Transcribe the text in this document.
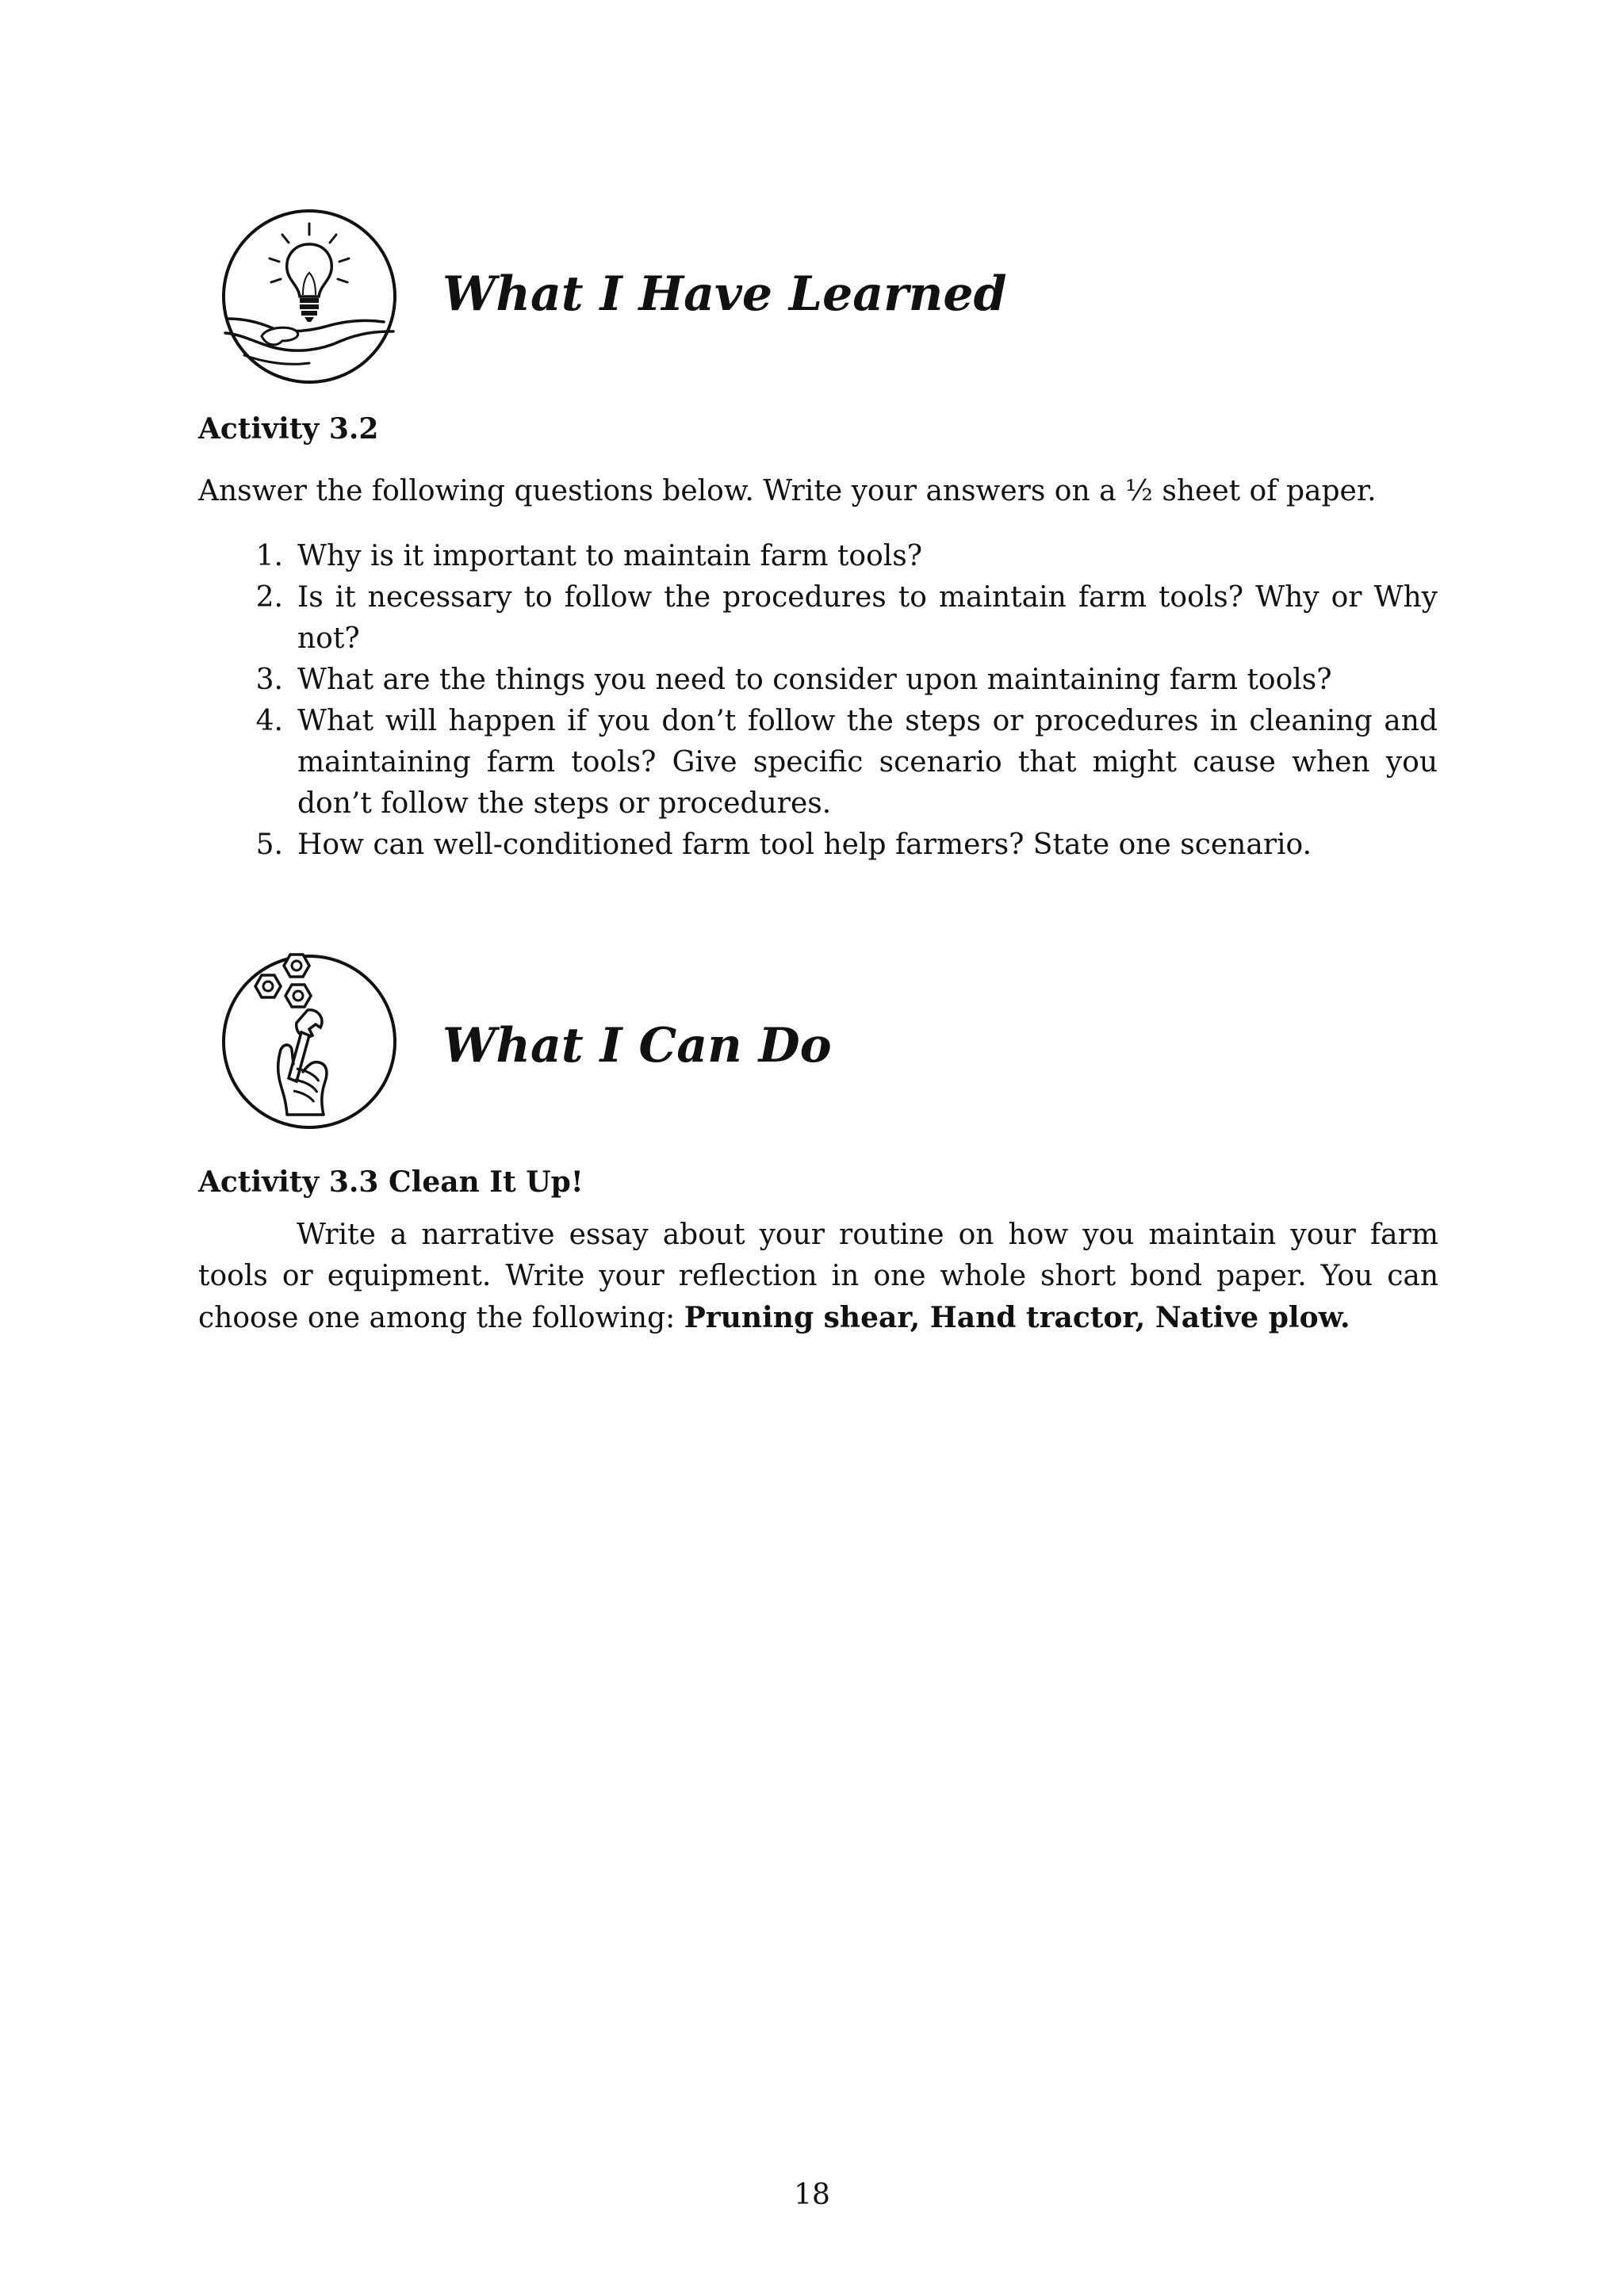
What I Have Learned
Activity 3.2
Answer the following questions below. Write your answers on a ½ sheet of paper.
1. Why is it important to maintain farm tools?
2. Is it necessary to follow the procedures to maintain farm tools? Why or Why not?
3. What are the things you need to consider upon maintaining farm tools?
4. What will happen if you don’t follow the steps or procedures in cleaning and maintaining farm tools? Give specific scenario that might cause when you don’t follow the steps or procedures.
5. How can well-conditioned farm tool help farmers? State one scenario.
What I Can Do
Activity 3.3 Clean It Up!
Write a narrative essay about your routine on how you maintain your farm tools or equipment. Write your reflection in one whole short bond paper. You can choose one among the following: Pruning shear, Hand tractor, Native plow.
18
